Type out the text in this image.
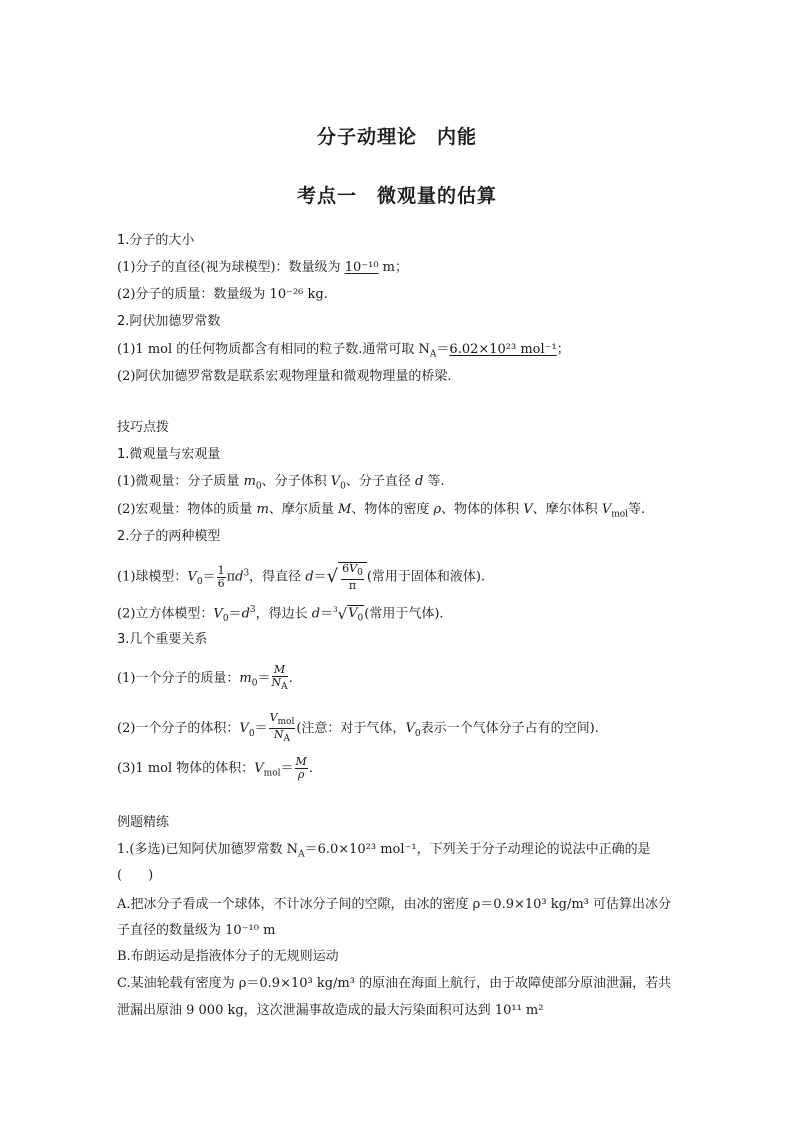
分子动理论　内能
考点一　微观量的估算
1.分子的大小
(1)分子的直径(视为球模型)：数量级为 10⁻¹⁰ m；
(2)分子的质量：数量级为 10⁻²⁶ kg.
2.阿伏加德罗常数
(1)1 mol 的任何物质都含有相同的粒子数.通常可取 $N_A=6.02\times 10^{23}$ mol⁻¹；
(2)阿伏加德罗常数是联系宏观物理量和微观物理量的桥梁.
技巧点拨
1.微观量与宏观量
(1)微观量：分子质量 $m_0$、分子体积 $V_0$、分子直径 d 等.
(2)宏观量：物体的质量 m、摩尔质量 M、物体的密度 ρ、物体的体积 V、摩尔体积 $V_{mol}$等.
2.分子的两种模型
(1)球模型：$V_0= \frac{1}{6} \pi d^3$，得直径 $d=√ \frac{6V_0}{\pi}$ (常用于固体和液体).
(2)立方体模型：$V_0=d^3$，得边长 $d=^3√V_0$(常用于气体).
3.几个重要关系
(1)一个分子的质量：$m_0= \frac{M}{N_A}$ .
(2)一个分子的体积：$V_0= \frac{V_{mol}}{N_A}$ (注意：对于气体，$V_0$表示一个气体分子占有的空间).
(3)1 mol 物体的体积：$V_{mol}= \frac{M}{\rho}$ .
例题精练
1.(多选)已知阿伏加德罗常数 $N_A=6.0\times 10^{23}$ mol⁻¹，下列关于分子动理论的说法中正确的是
(　　)
A.把冰分子看成一个球体，不计冰分子间的空隙，由冰的密度 ρ＝0.9×10³ kg/m³ 可估算出冰分子直径的数量级为 10⁻¹⁰ m
B.布朗运动是指液体分子的无规则运动
C.某油轮载有密度为 ρ＝0.9×10³ kg/m³ 的原油在海面上航行，由于故障使部分原油泄漏，若共泄漏出原油 9 000 kg，这次泄漏事故造成的最大污染面积可达到 10¹¹ m²
